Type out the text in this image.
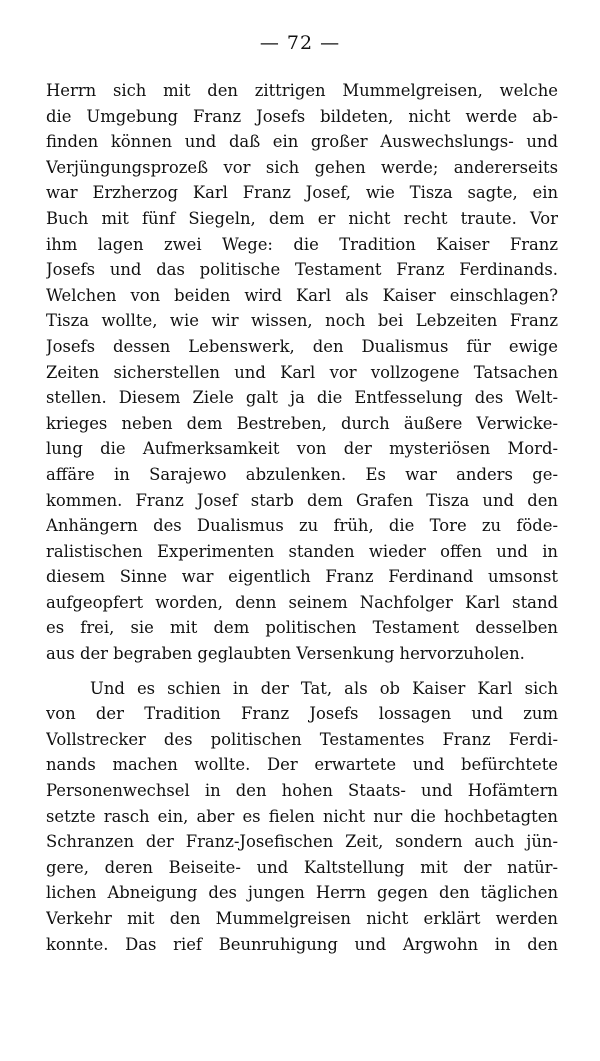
— 72 —
Herrn sich mit den zittrigen Mummelgreisen, welche
die Umgebung Franz Josefs bildeten, nicht werde ab-
finden können und daß ein großer Auswechslungs- und
Verjüngungsprozeß vor sich gehen werde; andererseits
war Erzherzog Karl Franz Josef, wie Tisza sagte, ein
Buch mit fünf Siegeln, dem er nicht recht traute. Vor
ihm lagen zwei Wege: die Tradition Kaiser Franz
Josefs und das politische Testament Franz Ferdinands.
Welchen von beiden wird Karl als Kaiser einschlagen?
Tisza wollte, wie wir wissen, noch bei Lebzeiten Franz
Josefs dessen Lebenswerk, den Dualismus für ewige
Zeiten sicherstellen und Karl vor vollzogene Tatsachen
stellen. Diesem Ziele galt ja die Entfesselung des Welt-
krieges neben dem Bestreben, durch äußere Verwicke-
lung die Aufmerksamkeit von der mysteriösen Mord-
affäre in Sarajewo abzulenken. Es war anders ge-
kommen. Franz Josef starb dem Grafen Tisza und den
Anhängern des Dualismus zu früh, die Tore zu föde-
ralistischen Experimenten standen wieder offen und in
diesem Sinne war eigentlich Franz Ferdinand umsonst
aufgeopfert worden, denn seinem Nachfolger Karl stand
es frei, sie mit dem politischen Testament desselben
aus der begraben geglaubten Versenkung hervorzuholen.
Und es schien in der Tat, als ob Kaiser Karl sich
von der Tradition Franz Josefs lossagen und zum
Vollstrecker des politischen Testamentes Franz Ferdi-
nands machen wollte. Der erwartete und befürchtete
Personenwechsel in den hohen Staats- und Hofämtern
setzte rasch ein, aber es fielen nicht nur die hochbetagten
Schranzen der Franz-Josefischen Zeit, sondern auch jün-
gere, deren Beiseite- und Kaltstellung mit der natür-
lichen Abneigung des jungen Herrn gegen den täglichen
Verkehr mit den Mummelgreisen nicht erklärt werden
konnte. Das rief Beunruhigung und Argwohn in den
